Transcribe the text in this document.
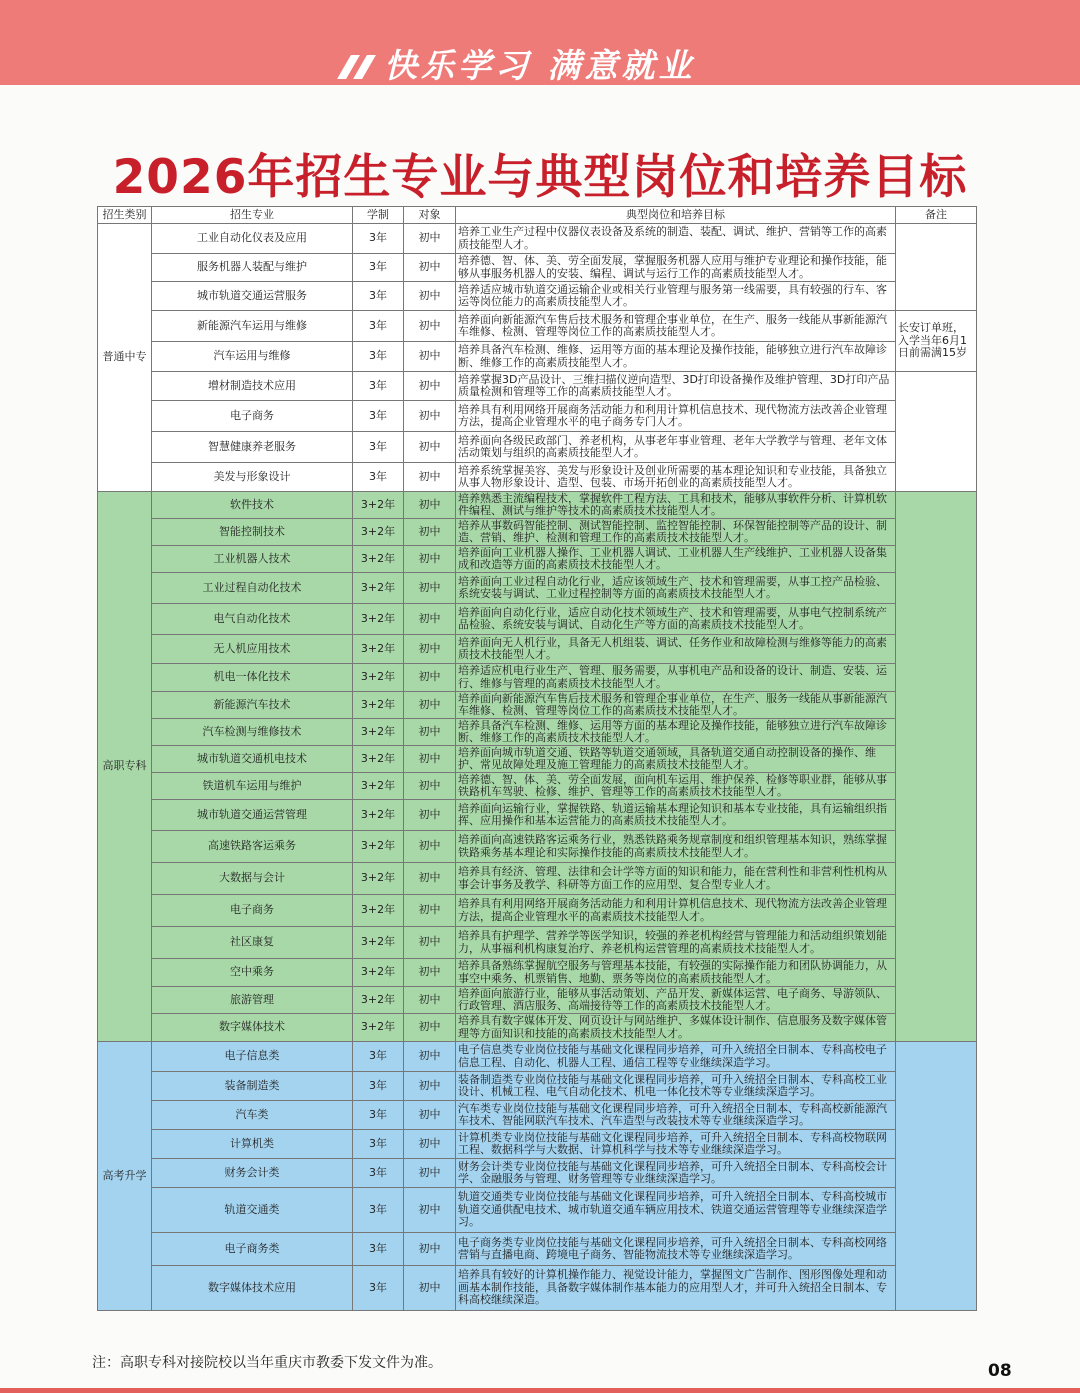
快乐学习 满意就业
2026年招生专业与典型岗位和培养目标
招生类别	招生专业	学制	对象	典型岗位和培养目标	备注
普通中专	工业自动化仪表及应用	3年	初中	培养工业生产过程中仪器仪表设备及系统的制造、装配、调试、维护、营销等工作的高素质技能型人才。	
	服务机器人装配与维护	3年	初中	培养德、智、体、美、劳全面发展，掌握服务机器人应用与维护专业理论和操作技能，能够从事服务机器人的安装、编程、调试与运行工作的高素质技能型人才。	
	城市轨道交通运营服务	3年	初中	培养适应城市轨道交通运输企业或相关行业管理与服务第一线需要，具有较强的行车、客运等岗位能力的高素质技能型人才。	
	新能源汽车运用与维修	3年	初中	培养面向新能源汽车售后技术服务和管理企事业单位，在生产、服务一线能从事新能源汽车维修、检测、管理等岗位工作的高素质技能型人才。	长安订单班，入学当年6月1日前需满15岁
	汽车运用与维修	3年	初中	培养具备汽车检测、维修、运用等方面的基本理论及操作技能，能够独立进行汽车故障诊断、维修工作的高素质技能型人才。	
	增材制造技术应用	3年	初中	培养掌握3D产品设计、三维扫描仪逆向造型、3D打印设备操作及维护管理、3D打印产品质量检测和管理等工作的高素质技能型人才。	
	电子商务	3年	初中	培养具有利用网络开展商务活动能力和利用计算机信息技术、现代物流方法改善企业管理方法，提高企业管理水平的电子商务专门人才。	
	智慧健康养老服务	3年	初中	培养面向各级民政部门、养老机构，从事老年事业管理、老年大学教学与管理、老年文体活动策划与组织的高素质技能型人才。	
	美发与形象设计	3年	初中	培养系统掌握美容、美发与形象设计及创业所需要的基本理论知识和专业技能，具备独立从事人物形象设计、造型、包装、市场开拓创业的高素质技能型人才。	
高职专科	软件技术	3+2年	初中	培养熟悉主流编程技术，掌握软件工程方法、工具和技术，能够从事软件分析、计算机软件编程、测试与维护等技术的高素质技术技能型人才。	
	智能控制技术	3+2年	初中	培养从事数码智能控制、测试智能控制、监控智能控制、环保智能控制等产品的设计、制造、营销、维护、检测和管理工作的高素质技术技能型人才。	
	工业机器人技术	3+2年	初中	培养面向工业机器人操作、工业机器人调试、工业机器人生产线维护、工业机器人设备集成和改造等方面的高素质技术技能型人才。	
	工业过程自动化技术	3+2年	初中	培养面向工业过程自动化行业，适应该领域生产、技术和管理需要，从事工控产品检验、系统安装与调试、工业过程控制等方面的高素质技术技能型人才。	
	电气自动化技术	3+2年	初中	培养面向自动化行业，适应自动化技术领域生产、技术和管理需要，从事电气控制系统产品检验、系统安装与调试、自动化生产等方面的高素质技术技能型人才。	
	无人机应用技术	3+2年	初中	培养面向无人机行业，具备无人机组装、调试、任务作业和故障检测与维修等能力的高素质技术技能型人才。	
	机电一体化技术	3+2年	初中	培养适应机电行业生产、管理、服务需要，从事机电产品和设备的设计、制造、安装、运行、维修与管理的高素质技术技能型人才。	
	新能源汽车技术	3+2年	初中	培养面向新能源汽车售后技术服务和管理企事业单位，在生产、服务一线能从事新能源汽车维修、检测、管理等岗位工作的高素质技术技能型人才。	
	汽车检测与维修技术	3+2年	初中	培养具备汽车检测、维修、运用等方面的基本理论及操作技能，能够独立进行汽车故障诊断、维修工作的高素质技术技能型人才。	
	城市轨道交通机电技术	3+2年	初中	培养面向城市轨道交通、铁路等轨道交通领域，具备轨道交通自动控制设备的操作、维护、常见故障处理及施工管理能力的高素质技术技能型人才。	
	铁道机车运用与维护	3+2年	初中	培养德、智、体、美、劳全面发展，面向机车运用、维护保养、检修等职业群，能够从事铁路机车驾驶、检修、维护、管理等工作的高素质技术技能型人才。	
	城市轨道交通运营管理	3+2年	初中	培养面向运输行业，掌握铁路、轨道运输基本理论知识和基本专业技能，具有运输组织指挥、应用操作和基本运营能力的高素质技术技能型人才。	
	高速铁路客运乘务	3+2年	初中	培养面向高速铁路客运乘务行业，熟悉铁路乘务规章制度和组织管理基本知识，熟练掌握铁路乘务基本理论和实际操作技能的高素质技术技能型人才。	
	大数据与会计	3+2年	初中	培养具有经济、管理、法律和会计学等方面的知识和能力，能在营利性和非营利性机构从事会计事务及教学、科研等方面工作的应用型、复合型专业人才。	
	电子商务	3+2年	初中	培养具有利用网络开展商务活动能力和利用计算机信息技术、现代物流方法改善企业管理方法，提高企业管理水平的高素质技术技能型人才。	
	社区康复	3+2年	初中	培养具有护理学、营养学等医学知识，较强的养老机构经营与管理能力和活动组织策划能力，从事福利机构康复治疗、养老机构运营管理的高素质技术技能型人才。	
	空中乘务	3+2年	初中	培养具备熟练掌握航空服务与管理基本技能，有较强的实际操作能力和团队协调能力，从事空中乘务、机票销售、地勤、票务等岗位的高素质技能型人才。	
	旅游管理	3+2年	初中	培养面向旅游行业，能够从事活动策划、产品开发、新媒体运营、电子商务、导游领队、行政管理、酒店服务、高端接待等工作的高素质技术技能型人才。	
	数字媒体技术	3+2年	初中	培养具有数字媒体开发、网页设计与网站维护、多媒体设计制作、信息服务及数字媒体管理等方面知识和技能的高素质技术技能型人才。	
高考升学	电子信息类	3年	初中	电子信息类专业岗位技能与基础文化课程同步培养，可升入统招全日制本、专科高校电子信息工程、自动化、机器人工程、通信工程等专业继续深造学习。	
	装备制造类	3年	初中	装备制造类专业岗位技能与基础文化课程同步培养，可升入统招全日制本、专科高校工业设计、机械工程、电气自动化技术、机电一体化技术等专业继续深造学习。	
	汽车类	3年	初中	汽车类专业岗位技能与基础文化课程同步培养，可升入统招全日制本、专科高校新能源汽车技术、智能网联汽车技术、汽车造型与改装技术等专业继续深造学习。	
	计算机类	3年	初中	计算机类专业岗位技能与基础文化课程同步培养，可升入统招全日制本、专科高校物联网工程、数据科学与大数据、计算机科学与技术等专业继续深造学习。	
	财务会计类	3年	初中	财务会计类专业岗位技能与基础文化课程同步培养，可升入统招全日制本、专科高校会计学、金融服务与管理、财务管理等专业继续深造学习。	
	轨道交通类	3年	初中	轨道交通类专业岗位技能与基础文化课程同步培养，可升入统招全日制本、专科高校城市轨道交通供配电技术、城市轨道交通车辆应用技术、铁道交通运营管理等专业继续深造学习。	
	电子商务类	3年	初中	电子商务类专业岗位技能与基础文化课程同步培养，可升入统招全日制本、专科高校网络营销与直播电商、跨境电子商务、智能物流技术等专业继续深造学习。	
	数字媒体技术应用	3年	初中	培养具有较好的计算机操作能力、视觉设计能力，掌握图文广告制作、图形图像处理和动画基本制作技能，具备数字媒体制作基本能力的应用型人才，并可升入统招全日制本、专科高校继续深造。	
注：高职专科对接院校以当年重庆市教委下发文件为准。	08
